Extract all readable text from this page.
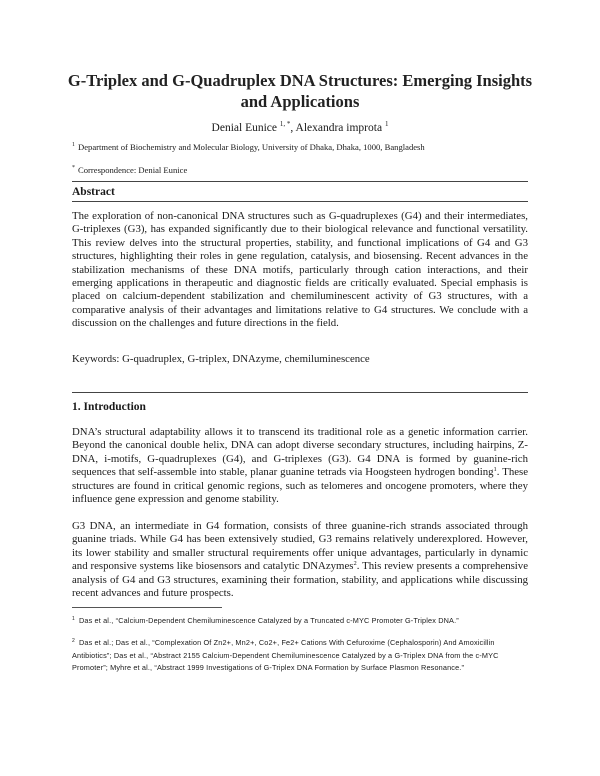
G-Triplex and G-Quadruplex DNA Structures: Emerging Insights and Applications
Denial Eunice $^{1, *}$, Alexandra improta $^1$
$^1$ Department of Biochemistry and Molecular Biology, University of Dhaka, Dhaka, 1000, Bangladesh
* Correspondence: Denial Eunice
Abstract
The exploration of non-canonical DNA structures such as G-quadruplexes (G4) and their intermediates, G-triplexes (G3), has expanded significantly due to their biological relevance and functional versatility. This review delves into the structural properties, stability, and functional implications of G4 and G3 structures, highlighting their roles in gene regulation, catalysis, and biosensing. Recent advances in the stabilization mechanisms of these DNA motifs, particularly through cation interactions, and their emerging applications in therapeutic and diagnostic fields are critically evaluated. Special emphasis is placed on calcium-dependent stabilization and chemiluminescent activity of G3 structures, with a comparative analysis of their advantages and limitations relative to G4 structures. We conclude with a discussion on the challenges and future directions in the field.
Keywords: G-quadruplex, G-triplex, DNAzyme, chemiluminescence
1. Introduction
DNA’s structural adaptability allows it to transcend its traditional role as a genetic information carrier. Beyond the canonical double helix, DNA can adopt diverse secondary structures, including hairpins, Z-DNA, i-motifs, G-quadruplexes (G4), and G-triplexes (G3). G4 DNA is formed by guanine-rich sequences that self-assemble into stable, planar guanine tetrads via Hoogsteen hydrogen bonding$^1$. These structures are found in critical genomic regions, such as telomeres and oncogene promoters, where they influence gene expression and genome stability.
G3 DNA, an intermediate in G4 formation, consists of three guanine-rich strands associated through guanine triads. While G4 has been extensively studied, G3 remains relatively underexplored. However, its lower stability and smaller structural requirements offer unique advantages, particularly in dynamic and responsive systems like biosensors and catalytic DNAzymes$^2$. This review presents a comprehensive analysis of G4 and G3 structures, examining their formation, stability, and applications while discussing recent advances and future prospects.
$^1$ Das et al., “Calcium-Dependent Chemiluminescence Catalyzed by a Truncated c-MYC Promoter G-Triplex DNA.”
$^2$ Das et al.; Das et al., “Complexation Of Zn2+, Mn2+, Co2+, Fe2+ Cations With Cefuroxime (Cephalosporin) And Amoxicillin Antibiotics”; Das et al., “Abstract 2155 Calcium-Dependent Chemiluminescence Catalyzed by a G-Triplex DNA from the c-MYC Promoter”; Myhre et al., “Abstract 1999 Investigations of G-Triplex DNA Formation by Surface Plasmon Resonance.”
